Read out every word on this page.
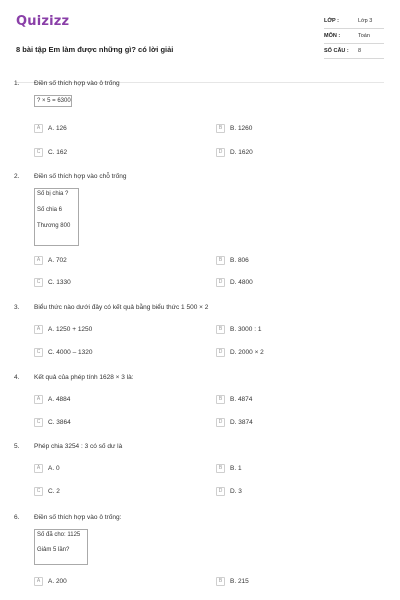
Quizizz
8 bài tập Em làm được những gì? có lời giải
LỚP :	Lớp 3
MÔN :	Toán
SỐ CÂU : 8
1. Điền số thích hợp vào ô trống
? × 5 = 6300
A	A. 126	B	B. 1260
C	C. 162	D	D. 1620
2. Điền số thích hợp vào chỗ trống
Số bị chia ?
Số chia 6
Thương 800
A	A. 702	B	B. 806
C	C. 1330	D	D. 4800
3. Biểu thức nào dưới đây có kết quả bằng biểu thức 1 500 × 2
A	A. 1250 + 1250	B	B. 3000 : 1
C	C. 4000 – 1320	D	D. 2000 × 2
4. Kết quả của phép tính 1628 × 3 là:
A	A. 4884	B	B. 4874
C	C. 3864	D	D. 3874
5. Phép chia 3254 : 3 có số dư là
A	A. 0	B	B. 1
C	C. 2	D	D. 3
6. Điền số thích hợp vào ô trống:
Số đã cho: 1125
Giảm 5 lần?
A	A. 200	B	B. 215
